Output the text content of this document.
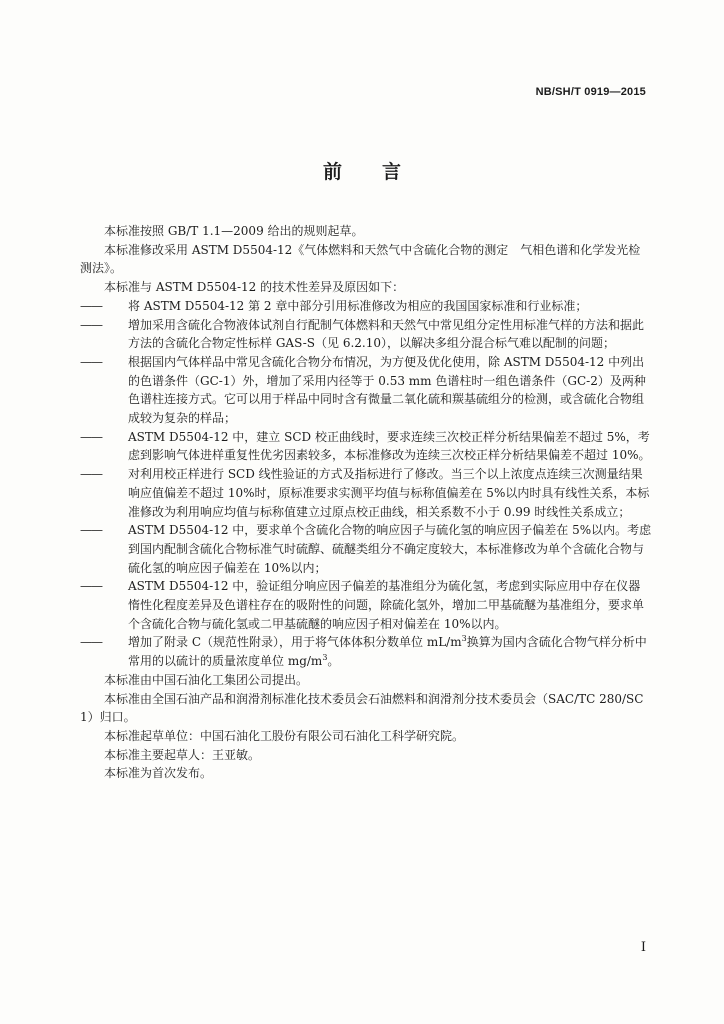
NB/SH/T 0919—2015
前 言

本标准按照 GB/T 1.1—2009 给出的规则起草。

本标准修改采用 ASTM D5504-12《气体燃料和天然气中含硫化合物的测定　气相色谱和化学发光检测法》。

本标准与 ASTM D5504-12 的技术性差异及原因如下：

—— 将 ASTM D5504-12 第 2 章中部分引用标准修改为相应的我国国家标准和行业标准；

—— 增加采用含硫化合物液体试剂自行配制气体燃料和天然气中常见组分定性用标准气样的方法和据此方法的含硫化合物定性标样 GAS-S（见 6.2.10），以解决多组分混合标气难以配制的问题；

—— 根据国内气体样品中常见含硫化合物分布情况，为方便及优化使用，除 ASTM D5504-12 中列出的色谱条件（GC-1）外，增加了采用内径等于 0.53 mm 色谱柱时一组色谱条件（GC-2）及两种色谱柱连接方式。它可以用于样品中同时含有微量二氧化硫和羰基硫组分的检测，或含硫化合物组成较为复杂的样品；

—— ASTM D5504-12 中，建立 SCD 校正曲线时，要求连续三次校正样分析结果偏差不超过 5%，考虑到影响气体进样重复性优劣因素较多，本标准修改为连续三次校正样分析结果偏差不超过 10%。

—— 对利用校正样进行 SCD 线性验证的方式及指标进行了修改。当三个以上浓度点连续三次测量结果响应值偏差不超过 10%时，原标准要求实测平均值与标称值偏差在 5%以内时具有线性关系，本标准修改为利用响应均值与标称值建立过原点校正曲线，相关系数不小于 0.99 时线性关系成立；

—— ASTM D5504-12 中，要求单个含硫化合物的响应因子与硫化氢的响应因子偏差在 5%以内。考虑到国内配制含硫化合物标准气时硫醇、硫醚类组分不确定度较大，本标准修改为单个含硫化合物与硫化氢的响应因子偏差在 10%以内；

—— ASTM D5504-12 中，验证组分响应因子偏差的基准组分为硫化氢，考虑到实际应用中存在仪器惰性化程度差异及色谱柱存在的吸附性的问题，除硫化氢外，增加二甲基硫醚为基准组分，要求单个含硫化合物与硫化氢或二甲基硫醚的响应因子相对偏差在 10%以内。

—— 增加了附录 C（规范性附录），用于将气体体积分数单位 $mL/m^3$换算为国内含硫化合物气样分析中常用的以硫计的质量浓度单位 $mg/m^3$。

本标准由中国石油化工集团公司提出。

本标准由全国石油产品和润滑剂标准化技术委员会石油燃料和润滑剂分技术委员会（SAC/TC 280/SC 1）归口。

本标准起草单位：中国石油化工股份有限公司石油化工科学研究院。

本标准主要起草人：王亚敏。

本标准为首次发布。

I
